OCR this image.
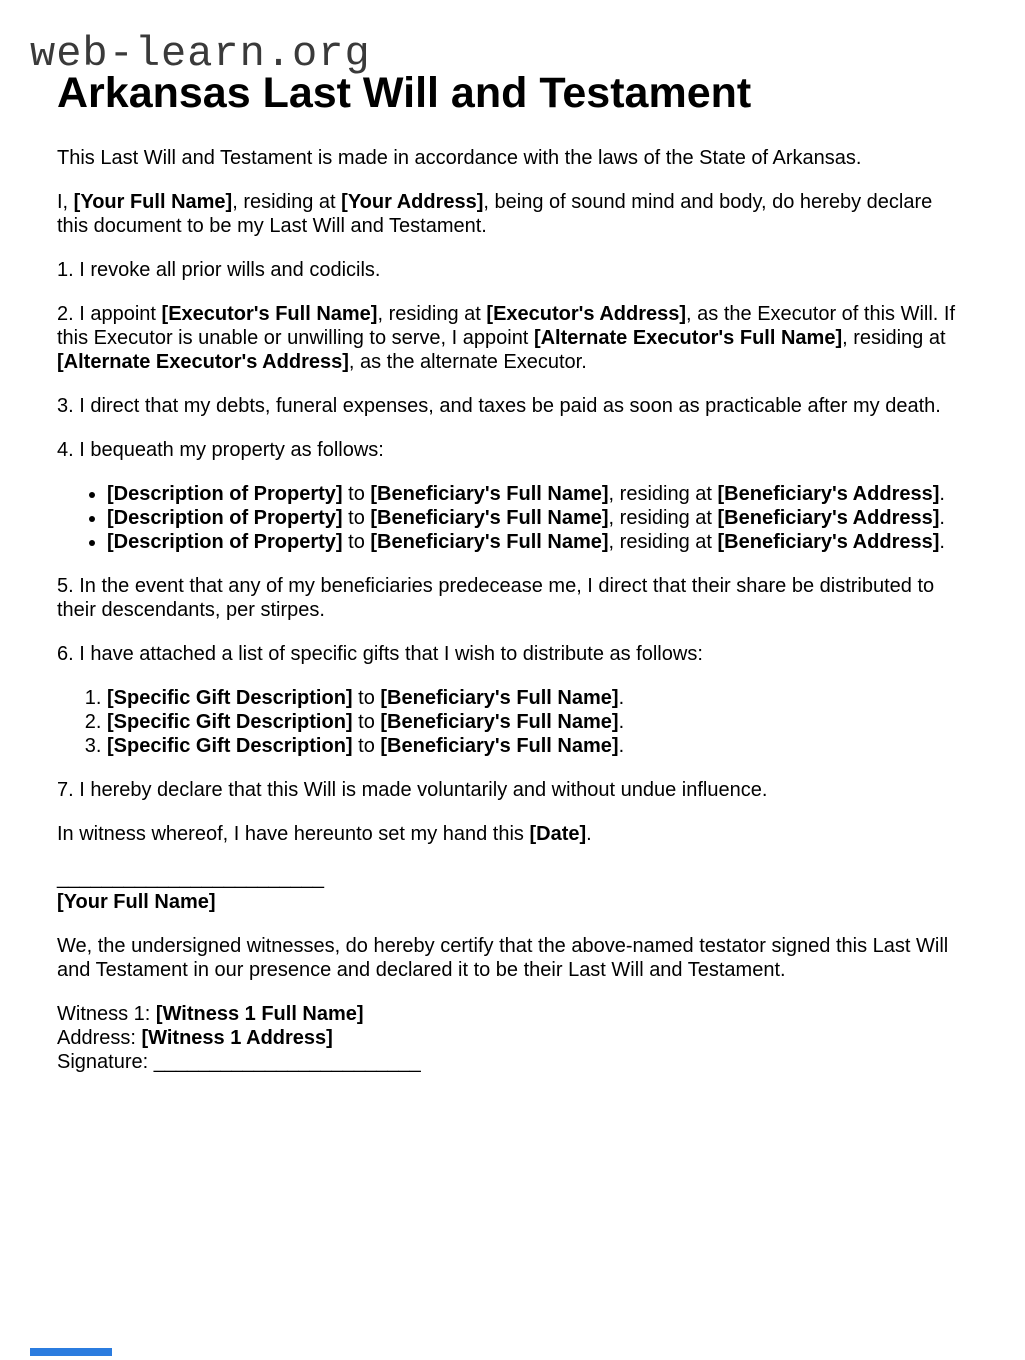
web-learn.org
Arkansas Last Will and Testament

This Last Will and Testament is made in accordance with the laws of the State of Arkansas.

I, [Your Full Name], residing at [Your Address], being of sound mind and body, do hereby declare this document to be my Last Will and Testament.

1. I revoke all prior wills and codicils.

2. I appoint [Executor's Full Name], residing at [Executor's Address], as the Executor of this Will. If this Executor is unable or unwilling to serve, I appoint [Alternate Executor's Full Name], residing at [Alternate Executor's Address], as the alternate Executor.

3. I direct that my debts, funeral expenses, and taxes be paid as soon as practicable after my death.

4. I bequeath my property as follows:

• [Description of Property] to [Beneficiary's Full Name], residing at [Beneficiary's Address].
• [Description of Property] to [Beneficiary's Full Name], residing at [Beneficiary's Address].
• [Description of Property] to [Beneficiary's Full Name], residing at [Beneficiary's Address].

5. In the event that any of my beneficiaries predecease me, I direct that their share be distributed to their descendants, per stirpes.

6. I have attached a list of specific gifts that I wish to distribute as follows:

1. [Specific Gift Description] to [Beneficiary's Full Name].
2. [Specific Gift Description] to [Beneficiary's Full Name].
3. [Specific Gift Description] to [Beneficiary's Full Name].

7. I hereby declare that this Will is made voluntarily and without undue influence.

In witness whereof, I have hereunto set my hand this [Date].

________________________
[Your Full Name]

We, the undersigned witnesses, do hereby certify that the above-named testator signed this Last Will and Testament in our presence and declared it to be their Last Will and Testament.

Witness 1: [Witness 1 Full Name]
Address: [Witness 1 Address]
Signature: ________________________
